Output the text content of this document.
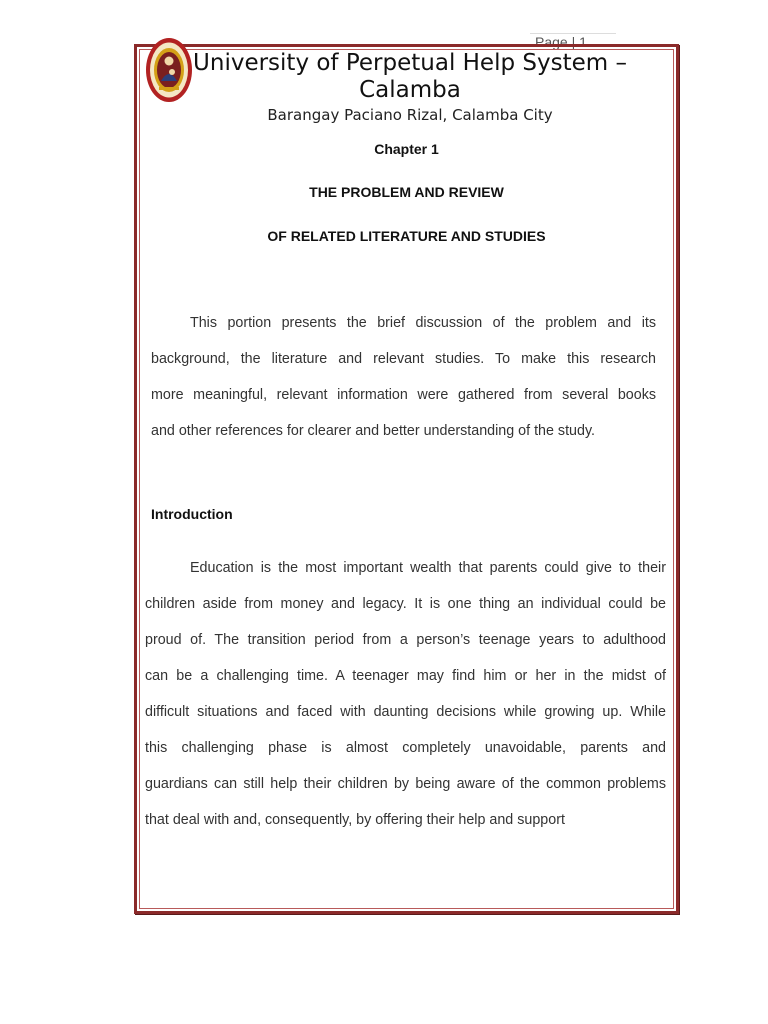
Page | 1
University of Perpetual Help System – Calamba
Barangay Paciano Rizal, Calamba City
Chapter 1
THE PROBLEM AND REVIEW
OF RELATED LITERATURE AND STUDIES
This portion presents the brief discussion of the problem and its
background, the literature and relevant studies. To make this research
more meaningful, relevant information were gathered from several books
and other references for clearer and better understanding of the study.
Introduction
Education is the most important wealth that parents could give to their
children aside from money and legacy. It is one thing an individual could be
proud of. The transition period from a person’s teenage years to adulthood
can be a challenging time. A teenager may find him or her in the midst of
difficult situations and faced with daunting decisions while growing up. While
this challenging phase is almost completely unavoidable, parents and
guardians can still help their children by being aware of the common problems
that deal with and, consequently, by offering their help and support
